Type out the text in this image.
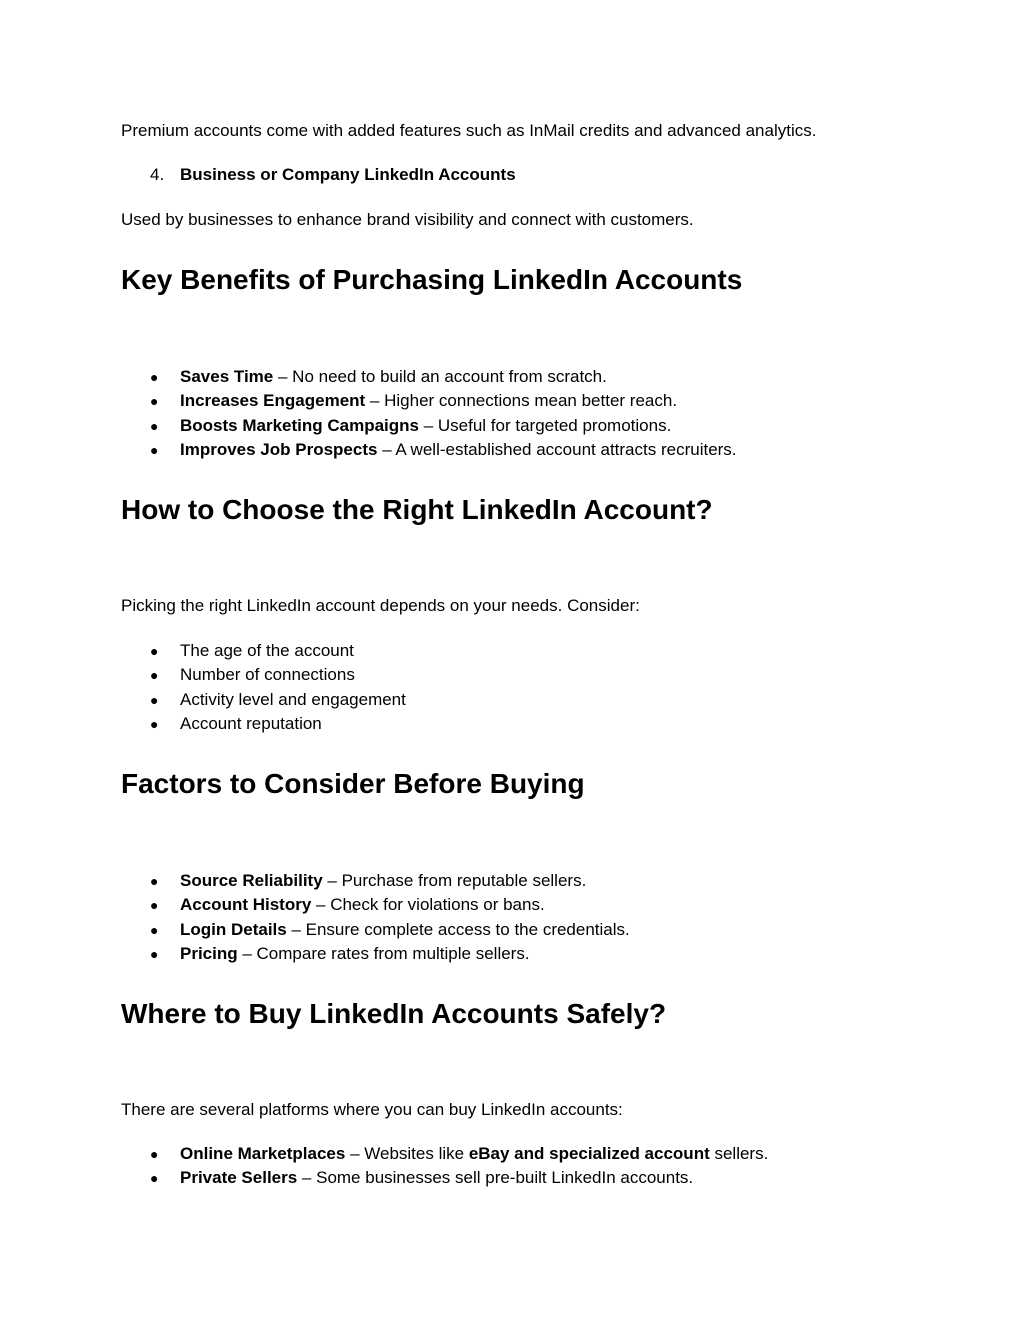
Premium accounts come with added features such as InMail credits and advanced analytics.
4. Business or Company LinkedIn Accounts
Used by businesses to enhance brand visibility and connect with customers.
Key Benefits of Purchasing LinkedIn Accounts
● Saves Time – No need to build an account from scratch.
● Increases Engagement – Higher connections mean better reach.
● Boosts Marketing Campaigns – Useful for targeted promotions.
● Improves Job Prospects – A well-established account attracts recruiters.
How to Choose the Right LinkedIn Account?
Picking the right LinkedIn account depends on your needs. Consider:
● The age of the account
● Number of connections
● Activity level and engagement
● Account reputation
Factors to Consider Before Buying
● Source Reliability – Purchase from reputable sellers.
● Account History – Check for violations or bans.
● Login Details – Ensure complete access to the credentials.
● Pricing – Compare rates from multiple sellers.
Where to Buy LinkedIn Accounts Safely?
There are several platforms where you can buy LinkedIn accounts:
● Online Marketplaces – Websites like eBay and specialized account sellers.
● Private Sellers – Some businesses sell pre-built LinkedIn accounts.
